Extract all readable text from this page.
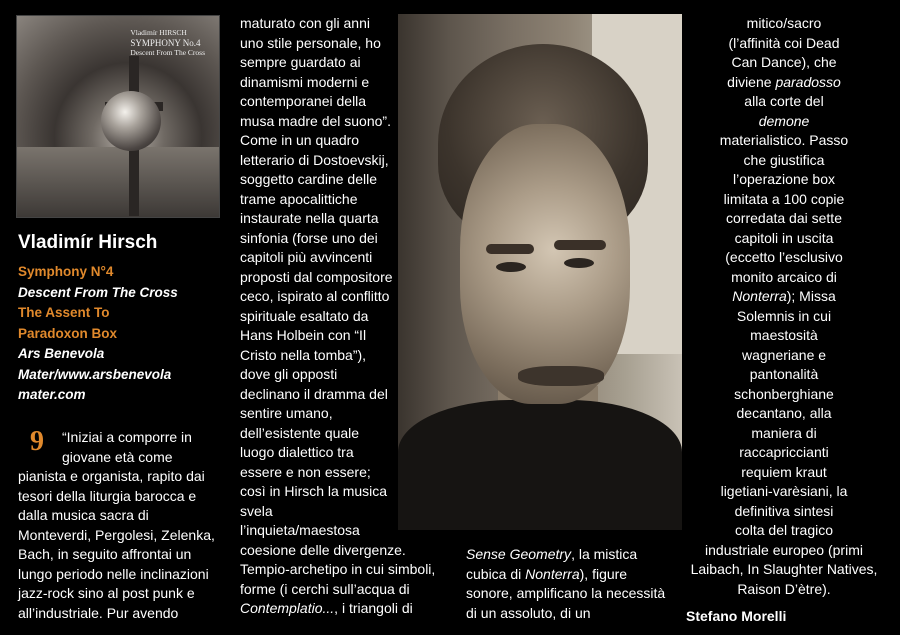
Vladimír HIRSCH
SYMPHONY No.4
Descent From The Cross
Vladimír Hirsch
Symphony N°4
Descent From The Cross
The Assent To
Paradoxon Box
Ars Benevola
Mater/www.arsbenevola
mater.com
9 “Iniziai a comporre in
giovane età come
pianista e organista, rapito dai
tesori della liturgia barocca e
dalla musica sacra di
Monteverdi, Pergolesi, Zelenka,
Bach, in seguito affrontai un
lungo periodo nelle inclinazioni
jazz-rock sino al post punk e
all’industriale. Pur avendo
maturato con gli anni
uno stile personale, ho
sempre guardato ai
dinamismi moderni e
contemporanei della
musa madre del suono”.
Come in un quadro
letterario di Dostoevskij,
soggetto cardine delle
trame apocalittiche
instaurate nella quarta
sinfonia (forse uno dei
capitoli più avvincenti
proposti dal compositore
ceco, ispirato al conflitto
spirituale esaltato da
Hans Holbein con “Il
Cristo nella tomba”),
dove gli opposti
declinano il dramma del
sentire umano,
dell’esistente quale
luogo dialettico tra
essere e non essere;
così in Hirsch la musica
svela
l’inquieta/maestosa
coesione delle divergenze.
Tempio-archetipo in cui simboli,
forme (i cerchi sull’acqua di
Contemplatio..., i triangoli di
Sense Geometry, la mistica
cubica di Nonterra), figure
sonore, amplificano la necessità
di un assoluto, di un
mitico/sacro
(l’affinità coi Dead
Can Dance), che
diviene paradosso
alla corte del
demone
materialistico. Passo
che giustifica
l’operazione box
limitata a 100 copie
corredata dai sette
capitoli in uscita
(eccetto l’esclusivo
monito arcaico di
Nonterra); Missa
Solemnis in cui
maestosità
wagneriane e
pantonalità
schonberghiane
decantano, alla
maniera di
raccapriccianti
requiem kraut
ligetiani-varèsiani, la
definitiva sintesi
colta del tragico
industriale europeo (primi
Laibach, In Slaughter Natives,
Raison D’ètre).
Stefano Morelli
